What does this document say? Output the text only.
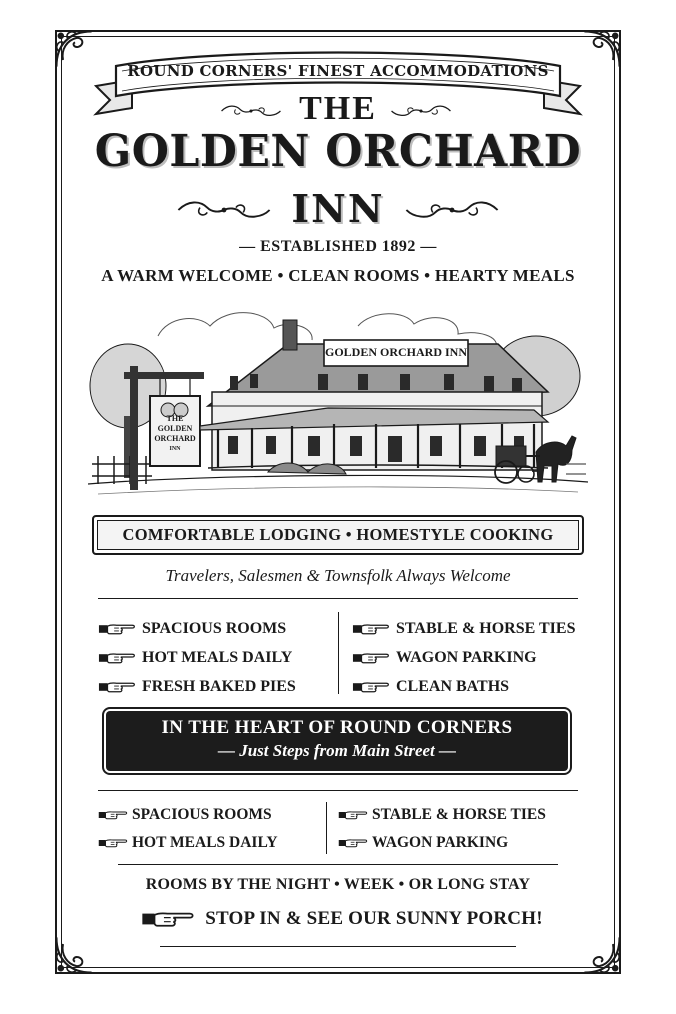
ROUND CORNERS' FINEST ACCOMMODATIONS
THE
GOLDEN ORCHARD
INN
— ESTABLISHED 1892 —
A WARM WELCOME • CLEAN ROOMS • HEARTY MEALS
GOLDEN ORCHARD INN
THE
GOLDEN
ORCHARD
INN
COMFORTABLE LODGING • HOMESTYLE COOKING
Travelers, Salesmen & Townsfolk Always Welcome
SPACIOUS ROOMS
HOT MEALS DAILY
FRESH BAKED PIES
STABLE & HORSE TIES
WAGON PARKING
CLEAN BATHS
IN THE HEART OF ROUND CORNERS
— Just Steps from Main Street —
SPACIOUS ROOMS
HOT MEALS DAILY
STABLE & HORSE TIES
WAGON PARKING
ROOMS BY THE NIGHT • WEEK • OR LONG STAY
STOP IN & SEE OUR SUNNY PORCH!
